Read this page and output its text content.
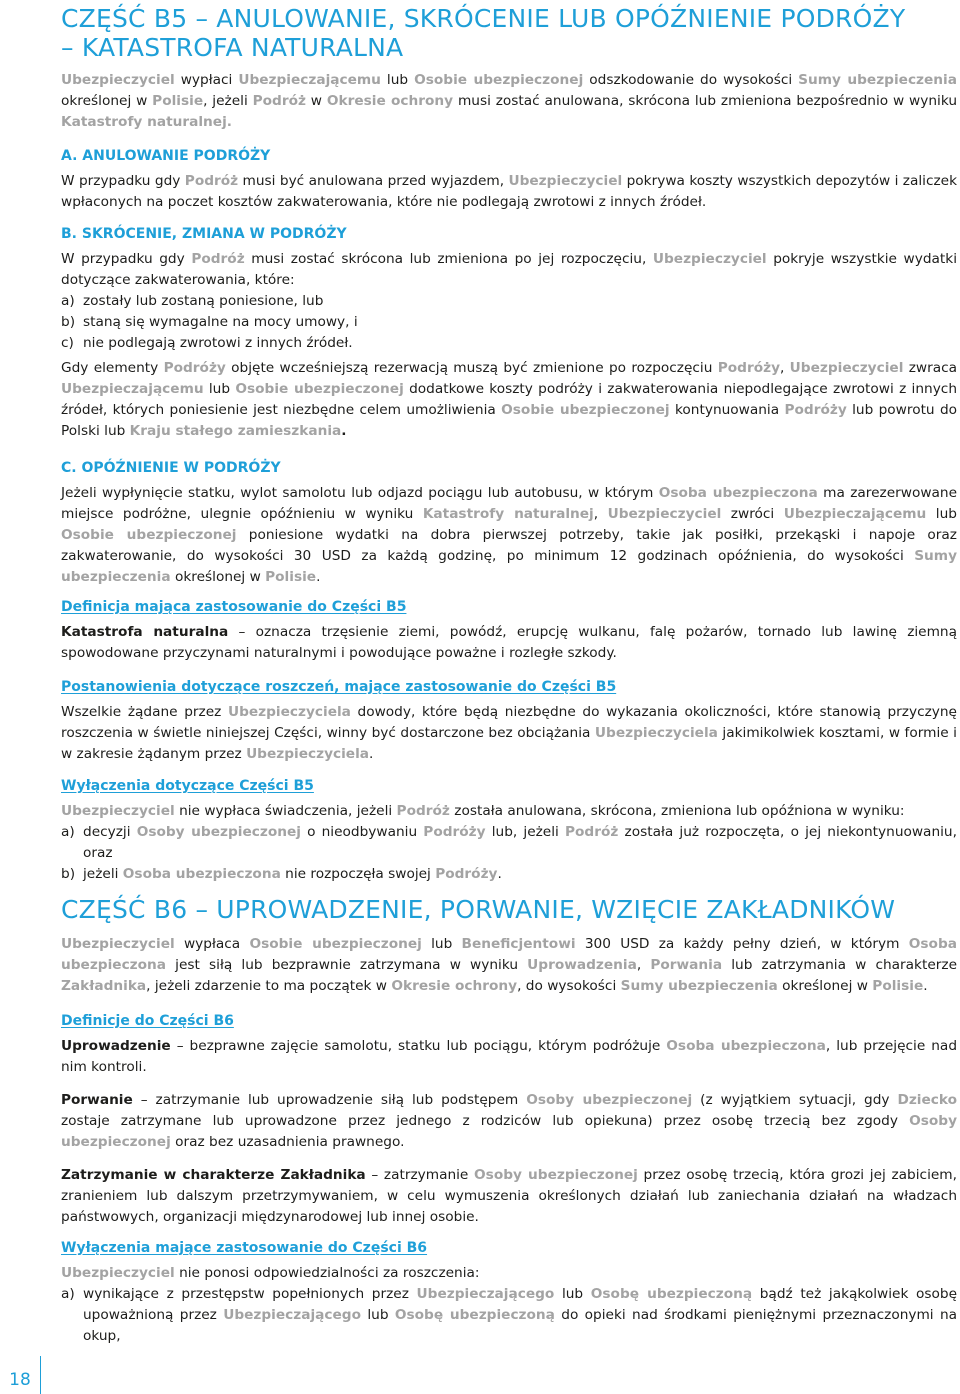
CZĘŚĆ B5 – ANULOWANIE, SKRÓCENIE LUB OPÓŹNIENIE PODRÓŻY
– KATASTROFA NATURALNA

Ubezpieczyciel wypłaci Ubezpieczającemu lub Osobie ubezpieczonej odszkodowanie do wysokości Sumy ubezpieczenia określonej w Polisie, jeżeli Podróż w Okresie ochrony musi zostać anulowana, skrócona lub zmieniona bezpośrednio w wyniku Katastrofy naturalnej.

A. ANULOWANIE PODRÓŻY

W przypadku gdy Podróż musi być anulowana przed wyjazdem, Ubezpieczyciel pokrywa koszty wszystkich depozytów i zaliczek wpłaconych na poczet kosztów zakwaterowania, które nie podlegają zwrotowi z innych źródeł.

B. SKRÓCENIE, ZMIANA W PODRÓŻY

W przypadku gdy Podróż musi zostać skrócona lub zmieniona po jej rozpoczęciu, Ubezpieczyciel pokryje wszystkie wydatki dotyczące zakwaterowania, które:

a) zostały lub zostaną poniesione, lub
b) staną się wymagalne na mocy umowy, i
c) nie podlegają zwrotowi z innych źródeł.

Gdy elementy Podróży objęte wcześniejszą rezerwacją muszą być zmienione po rozpoczęciu Podróży, Ubezpieczyciel zwraca Ubezpieczającemu lub Osobie ubezpieczonej dodatkowe koszty podróży i zakwaterowania niepodlegające zwrotowi z innych źródeł, których poniesienie jest niezbędne celem umożliwienia Osobie ubezpieczonej kontynuowania Podróży lub powrotu do Polski lub Kraju stałego zamieszkania.

C. OPÓŹNIENIE W PODRÓŻY

Jeżeli wypłynięcie statku, wylot samolotu lub odjazd pociągu lub autobusu, w którym Osoba ubezpieczona ma zarezerwowane miejsce podróżne, ulegnie opóźnieniu w wyniku Katastrofy naturalnej, Ubezpieczyciel zwróci Ubezpieczającemu lub Osobie ubezpieczonej poniesione wydatki na dobra pierwszej potrzeby, takie jak posiłki, przekąski i napoje oraz zakwaterowanie, do wysokości 30 USD za każdą godzinę, po minimum 12 godzinach opóźnienia, do wysokości Sumy ubezpieczenia określonej w Polisie.

Definicja mająca zastosowanie do Części B5

Katastrofa naturalna – oznacza trzęsienie ziemi, powódź, erupcję wulkanu, falę pożarów, tornado lub lawinę ziemną spowodowane przyczynami naturalnymi i powodujące poważne i rozległe szkody.

Postanowienia dotyczące roszczeń, mające zastosowanie do Części B5

Wszelkie żądane przez Ubezpieczyciela dowody, które będą niezbędne do wykazania okoliczności, które stanowią przyczynę roszczenia w świetle niniejszej Części, winny być dostarczone bez obciążania Ubezpieczyciela jakimikolwiek kosztami, w formie i w zakresie żądanym przez Ubezpieczyciela.

Wyłączenia dotyczące Części B5

Ubezpieczyciel nie wypłaca świadczenia, jeżeli Podróż została anulowana, skrócona, zmieniona lub opóźniona w wyniku:

a) decyzji Osoby ubezpieczonej o nieodbywaniu Podróży lub, jeżeli Podróż została już rozpoczęta, o jej niekontynuowaniu, oraz
b) jeżeli Osoba ubezpieczona nie rozpoczęła swojej Podróży.
CZĘŚĆ B6 – UPROWADZENIE, PORWANIE, WZIĘCIE ZAKŁADNIKÓW

Ubezpieczyciel wypłaca Osobie ubezpieczonej lub Beneficjentowi 300 USD za każdy pełny dzień, w którym Osoba ubezpieczona jest siłą lub bezprawnie zatrzymana w wyniku Uprowadzenia, Porwania lub zatrzymania w charakterze Zakładnika, jeżeli zdarzenie to ma początek w Okresie ochrony, do wysokości Sumy ubezpieczenia określonej w Polisie.

Definicje do Części B6

Uprowadzenie – bezprawne zajęcie samolotu, statku lub pociągu, którym podróżuje Osoba ubezpieczona, lub przejęcie nad nim kontroli.

Porwanie – zatrzymanie lub uprowadzenie siłą lub podstępem Osoby ubezpieczonej (z wyjątkiem sytuacji, gdy Dziecko zostaje zatrzymane lub uprowadzone przez jednego z rodziców lub opiekuna) przez osobę trzecią bez zgody Osoby ubezpieczonej oraz bez uzasadnienia prawnego.

Zatrzymanie w charakterze Zakładnika – zatrzymanie Osoby ubezpieczonej przez osobę trzecią, która grozi jej zabiciem, zranieniem lub dalszym przetrzymywaniem, w celu wymuszenia określonych działań lub zaniechania działań na władzach państwowych, organizacji międzynarodowej lub innej osobie.

Wyłączenia mające zastosowanie do Części B6

Ubezpieczyciel nie ponosi odpowiedzialności za roszczenia:

a) wynikające z przestępstw popełnionych przez Ubezpieczającego lub Osobę ubezpieczoną bądź też jakąkolwiek osobę upoważnioną przez Ubezpieczającego lub Osobę ubezpieczoną do opieki nad środkami pieniężnymi przeznaczonymi na okup,
18
